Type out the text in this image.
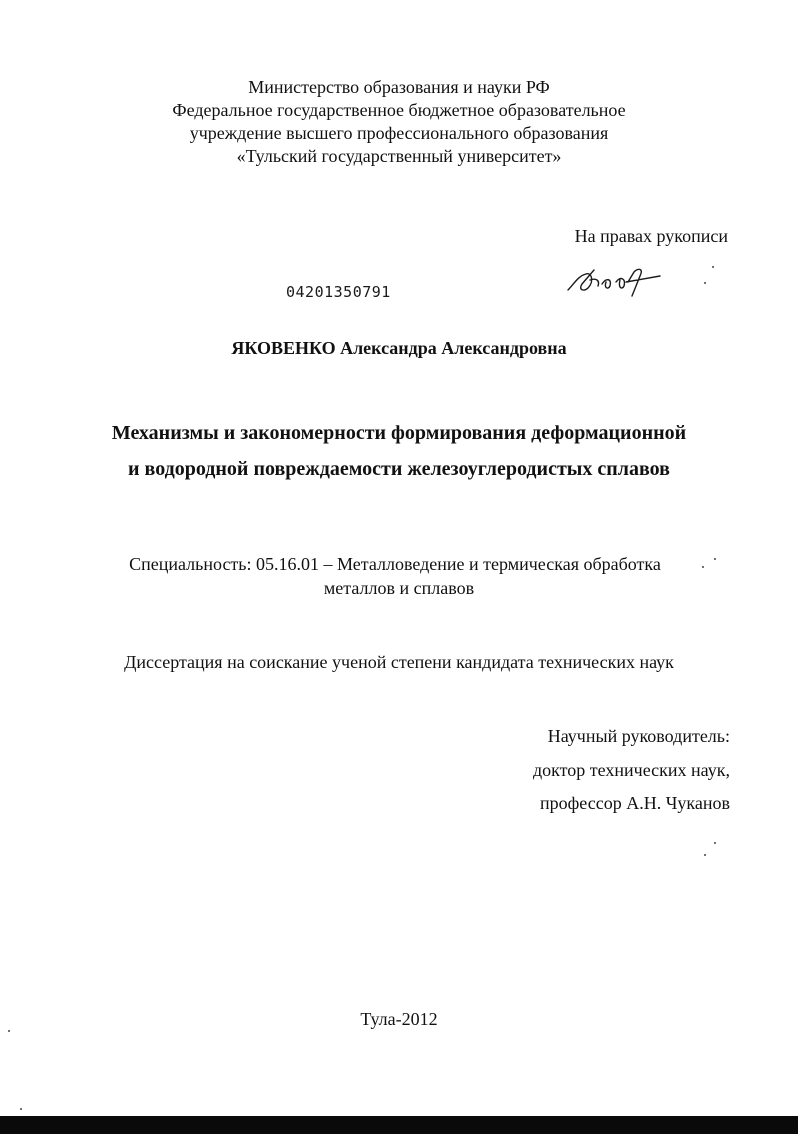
Министерство образования и науки РФ
Федеральное государственное бюджетное образовательное
учреждение высшего профессионального образования
«Тульский государственный университет»
На правах рукописи
04201350791
ЯКОВЕНКО Александра Александровна
Механизмы и закономерности формирования деформационной
и водородной повреждаемости железоуглеродистых сплавов
Специальность: 05.16.01 – Металловедение и термическая обработка
металлов и сплавов
Диссертация на соискание ученой степени кандидата технических наук
Научный руководитель:
доктор технических наук,
профессор А.Н. Чуканов
Тула-2012
